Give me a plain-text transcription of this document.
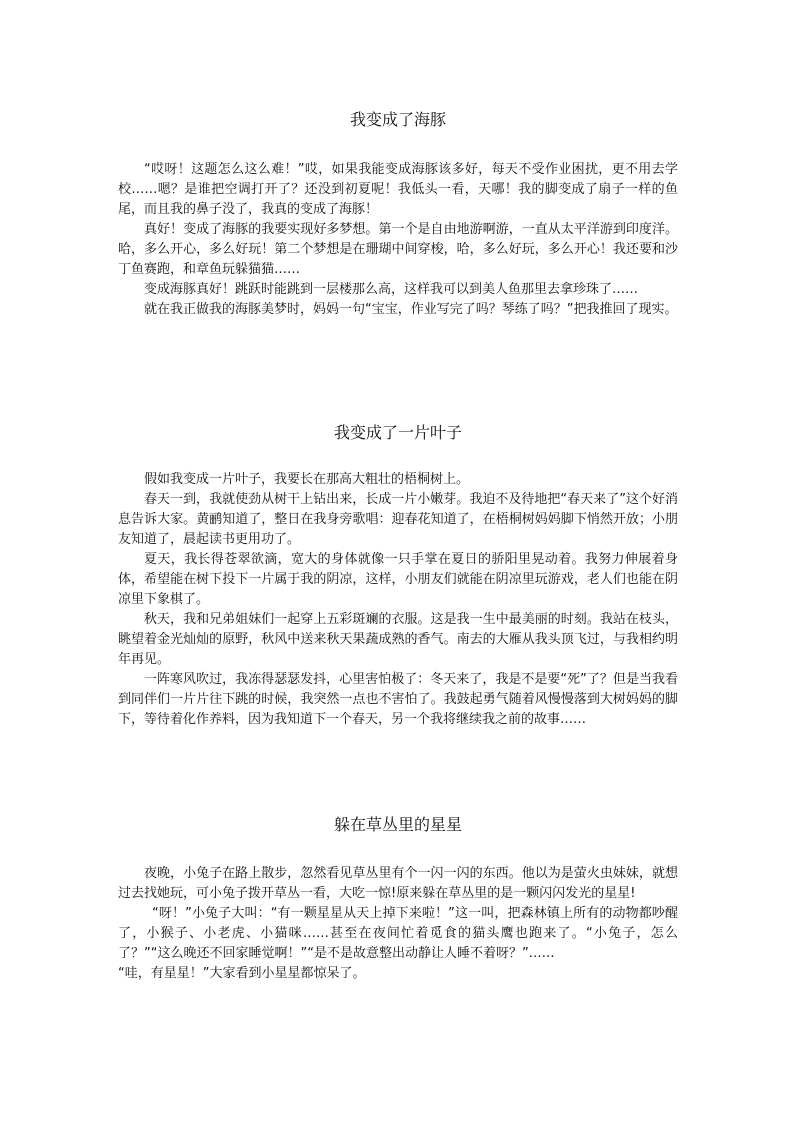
我变成了海豚

“哎呀！这题怎么这么难！”哎，如果我能变成海豚该多好，每天不受作业困扰，更不用去学校……嗯？是谁把空调打开了？还没到初夏呢！我低头一看，天哪！我的脚变成了扇子一样的鱼尾，而且我的鼻子没了，我真的变成了海豚！

真好！变成了海豚的我要实现好多梦想。第一个是自由地游啊游，一直从太平洋游到印度洋。哈，多么开心，多么好玩！第二个梦想是在珊瑚中间穿梭，哈，多么好玩，多么开心！我还要和沙丁鱼赛跑，和章鱼玩躲猫猫……

变成海豚真好！跳跃时能跳到一层楼那么高，这样我可以到美人鱼那里去拿珍珠了……

就在我正做我的海豚美梦时，妈妈一句“宝宝，作业写完了吗？琴练了吗？”把我推回了现实。

我变成了一片叶子

假如我变成一片叶子，我要长在那高大粗壮的梧桐树上。

春天一到，我就使劲从树干上钻出来，长成一片小嫩芽。我迫不及待地把“春天来了”这个好消息告诉大家。黄鹂知道了，整日在我身旁歌唱：迎春花知道了，在梧桐树妈妈脚下悄然开放；小朋友知道了，晨起读书更用功了。

夏天，我长得苍翠欲滴，宽大的身体就像一只手掌在夏日的骄阳里晃动着。我努力伸展着身体，希望能在树下投下一片属于我的阴凉，这样，小朋友们就能在阴凉里玩游戏，老人们也能在阴凉里下象棋了。

秋天，我和兄弟姐妹们一起穿上五彩斑斓的衣服。这是我一生中最美丽的时刻。我站在枝头，眺望着金光灿灿的原野，秋风中送来秋天果蔬成熟的香气。南去的大雁从我头顶飞过，与我相约明年再见。

一阵寒风吹过，我冻得瑟瑟发抖，心里害怕极了：冬天来了，我是不是要“死”了？但是当我看到同伴们一片片往下跳的时候，我突然一点也不害怕了。我鼓起勇气随着风慢慢落到大树妈妈的脚下，等待着化作养料，因为我知道下一个春天，另一个我将继续我之前的故事……

躲在草丛里的星星

夜晚，小兔子在路上散步，忽然看见草丛里有个一闪一闪的东西。他以为是萤火虫妹妹，就想过去找她玩，可小兔子拨开草丛一看，大吃一惊!原来躲在草丛里的是一颗闪闪发光的星星!

“呀！”小兔子大叫：“有一颗星星从天上掉下来啦！”这一叫，把森林镇上所有的动物都吵醒了，小猴子、小老虎、小猫咪……甚至在夜间忙着觅食的猫头鹰也跑来了。“小兔子，怎么了？”“这么晚还不回家睡觉啊！”“是不是故意整出动静让人睡不着呀？”……

“哇，有星星！”大家看到小星星都惊呆了。
